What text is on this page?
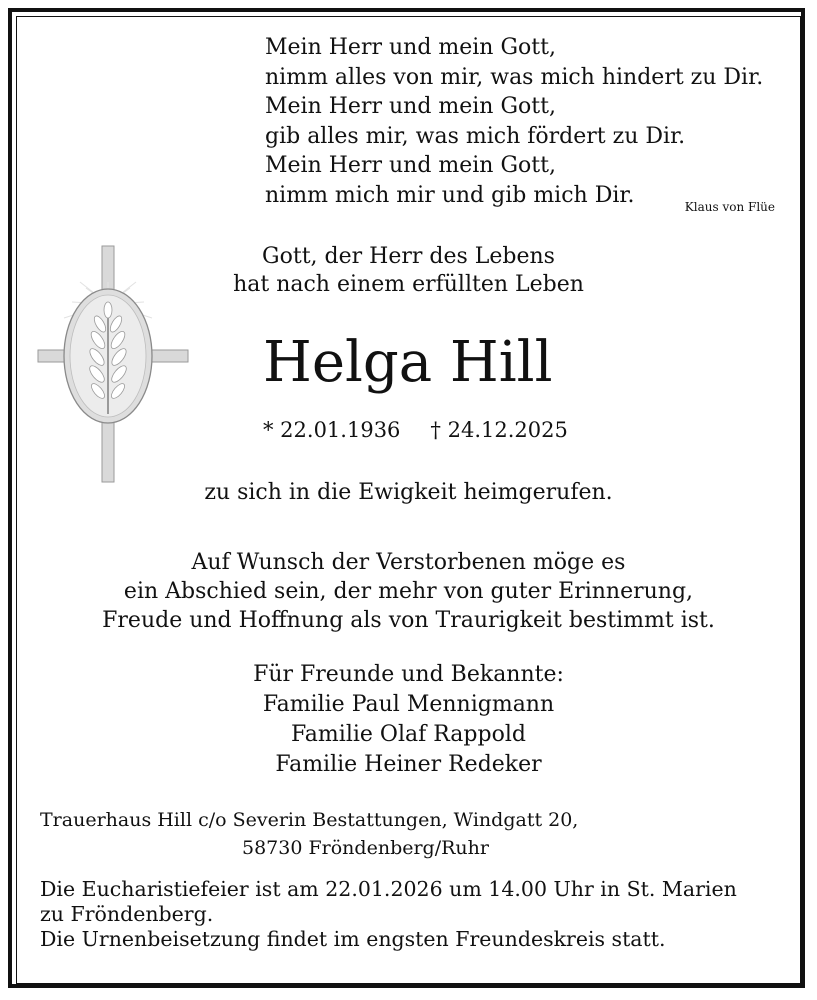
Mein Herr und mein Gott,
nimm alles von mir, was mich hindert zu Dir.
Mein Herr und mein Gott,
gib alles mir, was mich fördert zu Dir.
Mein Herr und mein Gott,
nimm mich mir und gib mich Dir.	Klaus von Flüe
Gott, der Herr des Lebens
hat nach einem erfüllten Leben
Helga Hill
* 22.01.1936 † 24.12.2025
zu sich in die Ewigkeit heimgerufen.
Auf Wunsch der Verstorbenen möge es
ein Abschied sein, der mehr von guter Erinnerung,
Freude und Hoffnung als von Traurigkeit bestimmt ist.
Für Freunde und Bekannte:
Familie Paul Mennigmann
Familie Olaf Rappold
Familie Heiner Redeker
Trauerhaus Hill c/o Severin Bestattungen, Windgatt 20,
58730 Fröndenberg/Ruhr
Die Eucharistiefeier ist am 22.01.2026 um 14.00 Uhr in St. Marien
zu Fröndenberg.
Die Urnenbeisetzung findet im engsten Freundeskreis statt.
